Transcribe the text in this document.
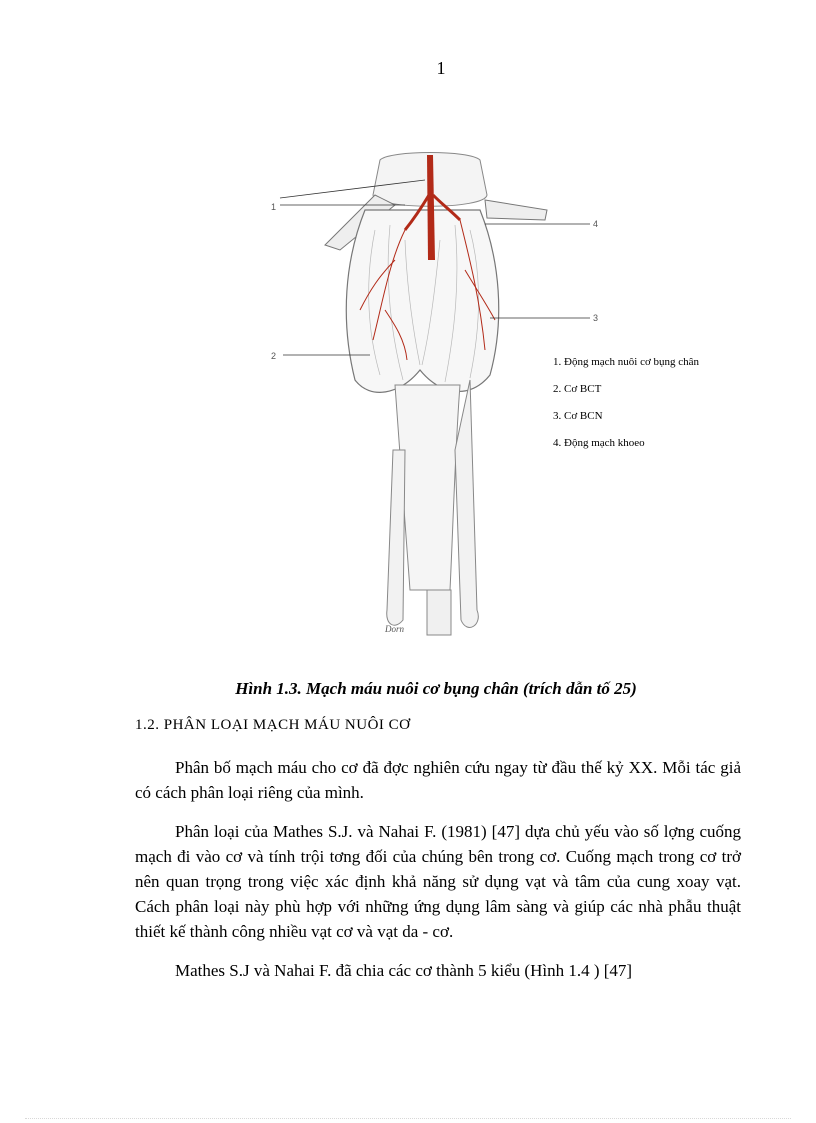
1
1
2
3
4
Dorn
1. Động mạch nuôi cơ bụng chân
2. Cơ BCT
3. Cơ BCN
4. Động mạch khoeo
Hình 1.3. Mạch máu nuôi cơ bụng chân (trích dẫn tố 25)
1.2. PHÂN LOẠI MẠCH MÁU NUÔI CƠ

Phân bố mạch máu cho cơ đã đợc nghiên cứu ngay từ đầu thế kỷ XX. Mỗi tác giả có cách phân loại riêng của mình.

Phân loại của Mathes S.J. và Nahai F. (1981) [47] dựa chủ yếu vào số lợng cuống mạch đi vào cơ và tính trội tơng đối của chúng bên trong cơ. Cuống mạch trong cơ trở nên quan trọng trong việc xác định khả năng sử dụng vạt và tâm của cung xoay vạt. Cách phân loại này phù hợp với những ứng dụng lâm sàng và giúp các nhà phẫu thuật thiết kế thành công nhiều vạt cơ và vạt da - cơ.

Mathes S.J và Nahai F. đã chia các cơ thành 5 kiểu (Hình 1.4 ) [47]
